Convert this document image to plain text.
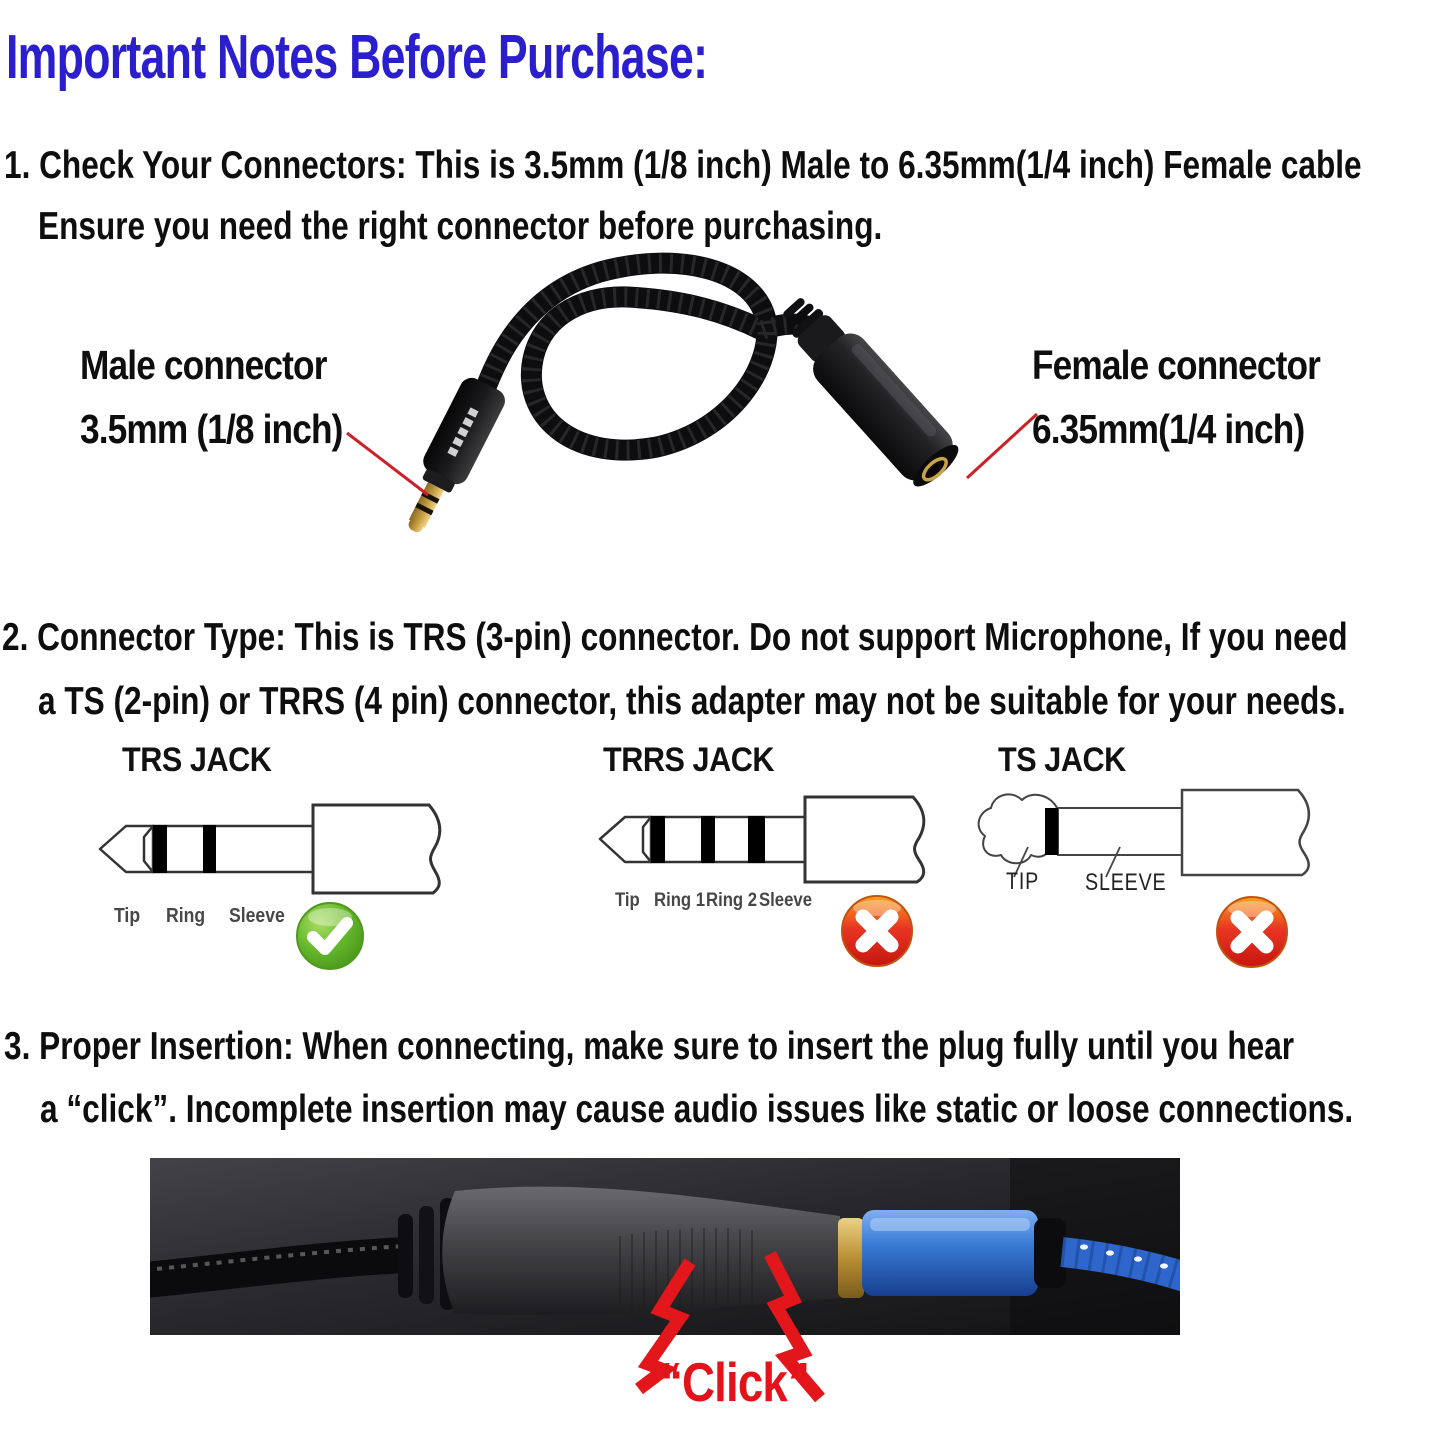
Important Notes Before Purchase:
1. Check Your Connectors: This is 3.5mm (1/8 inch) Male to 6.35mm(1/4 inch) Female cable
Ensure you need the right connector before purchasing.
Male connector
3.5mm (1/8 inch)
Female connector
6.35mm(1/4 inch)
2. Connector Type: This is TRS (3-pin) connector. Do not support Microphone, If you need
a TS (2-pin) or TRRS (4 pin) connector, this adapter may not be suitable for your needs.
TRS JACK	TRRS JACK	TS JACK
Tip Ring Sleeve
Tip Ring 1 Ring 2 Sleeve
TIP SLEEVE
3. Proper Insertion: When connecting, make sure to insert the plug fully until you hear
a “click”. Incomplete insertion may cause audio issues like static or loose connections.
“Click”
